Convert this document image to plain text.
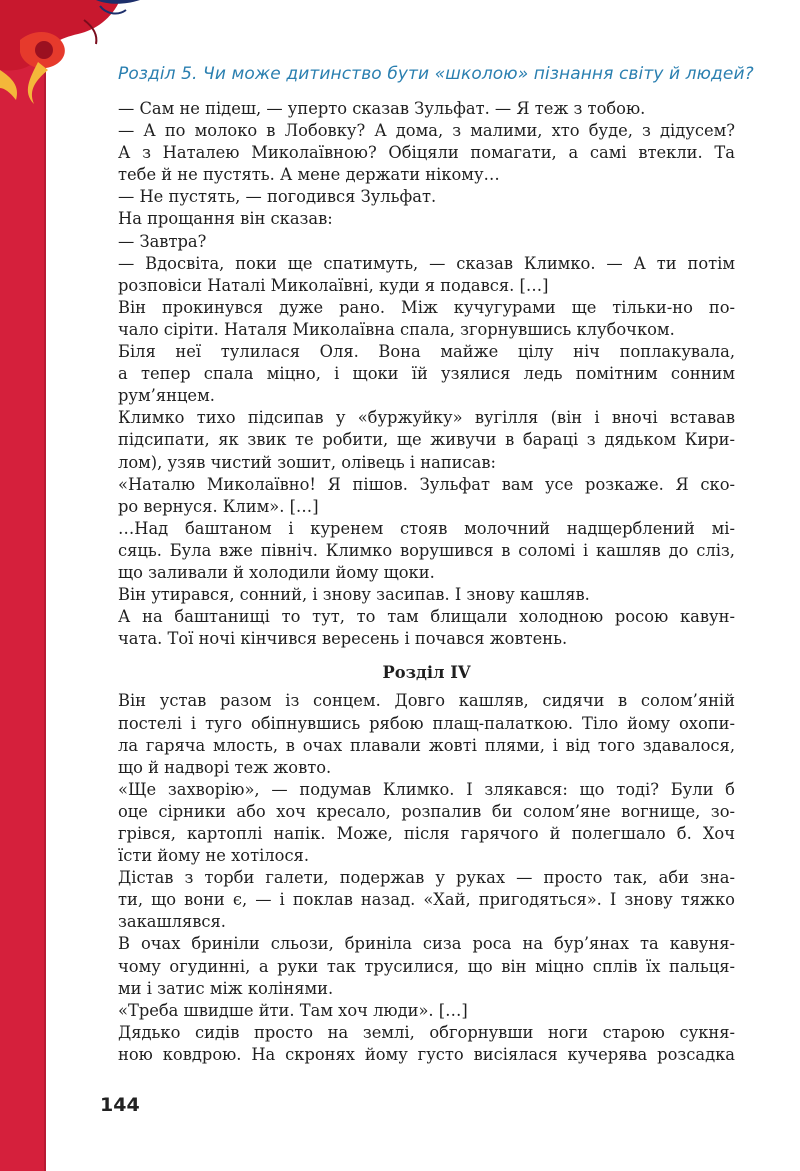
Розділ 5. Чи може дитинство бути «школою» пізнання світу й людей?
— Сам не підеш, — уперто сказав Зульфат. — Я теж з тобою.
— А по молоко в Лобовку? А дома, з малими, хто буде, з дідусем?
А з Наталею Миколаївною? Обіцяли помагати, а самі втекли. Та
тебе й не пустять. А мене держати нікому…
— Не пустять, — погодився Зульфат.
На прощання він сказав:
— Завтра?
— Вдосвіта, поки ще спатимуть, — сказав Климко. — А ти потім
розповіси Наталі Миколаївні, куди я подався. […]
Він прокинувся дуже рано. Між кучугурами ще тільки-но по-
чало сіріти. Наталя Миколаївна спала, згорнувшись клубочком.
Біля неї тулилася Оля. Вона майже цілу ніч поплакувала,
а тепер спала міцно, і щоки їй узялися ледь помітним сонним
рум’янцем.
Климко тихо підсипав у «буржуйку» вугілля (він і вночі вставав
підсипати, як звик те робити, ще живучи в бараці з дядьком Кири-
лом), узяв чистий зошит, олівець і написав:
«Наталю Миколаївно! Я пішов. Зульфат вам усе розкаже. Я ско-
ро вернуся. Клим». […]
…Над баштаном і куренем стояв молочний надщерблений мі-
сяць. Була вже північ. Климко ворушився в соломі і кашляв до сліз,
що заливали й холодили йому щоки.
Він утирався, сонний, і знову засипав. І знову кашляв.
А на баштанищі то тут, то там блищали холодною росою кавун-
чата. Тої ночі кінчився вересень і почався жовтень.
Розділ IV
Він устав разом із сонцем. Довго кашляв, сидячи в солом’яній
постелі і туго обіпнувшись рябою плащ-палаткою. Тіло йому охопи-
ла гаряча млость, в очах плавали жовті плями, і від того здавалося,
що й надворі теж жовто.
«Ще захворію», — подумав Климко. І злякався: що тоді? Були б
оце сірники або хоч кресало, розпалив би солом’яне вогнище, зо-
грівся, картоплі напік. Може, після гарячого й полегшало б. Хоч
їсти йому не хотілося.
Дістав з торби галети, подержав у руках — просто так, аби зна-
ти, що вони є, — і поклав назад. «Хай, пригодяться». І знову тяжко
закашлявся.
В очах бриніли сльози, бриніла сиза роса на бур’янах та кавуня-
чому огудинні, а руки так трусилися, що він міцно сплів їх пальця-
ми і затис між колінями.
«Треба швидше йти. Там хоч люди». […]
Дядько сидів просто на землі, обгорнувши ноги старою сукня-
ною ковдрою. На скронях йому густо висіялася кучерява розсадка
144
